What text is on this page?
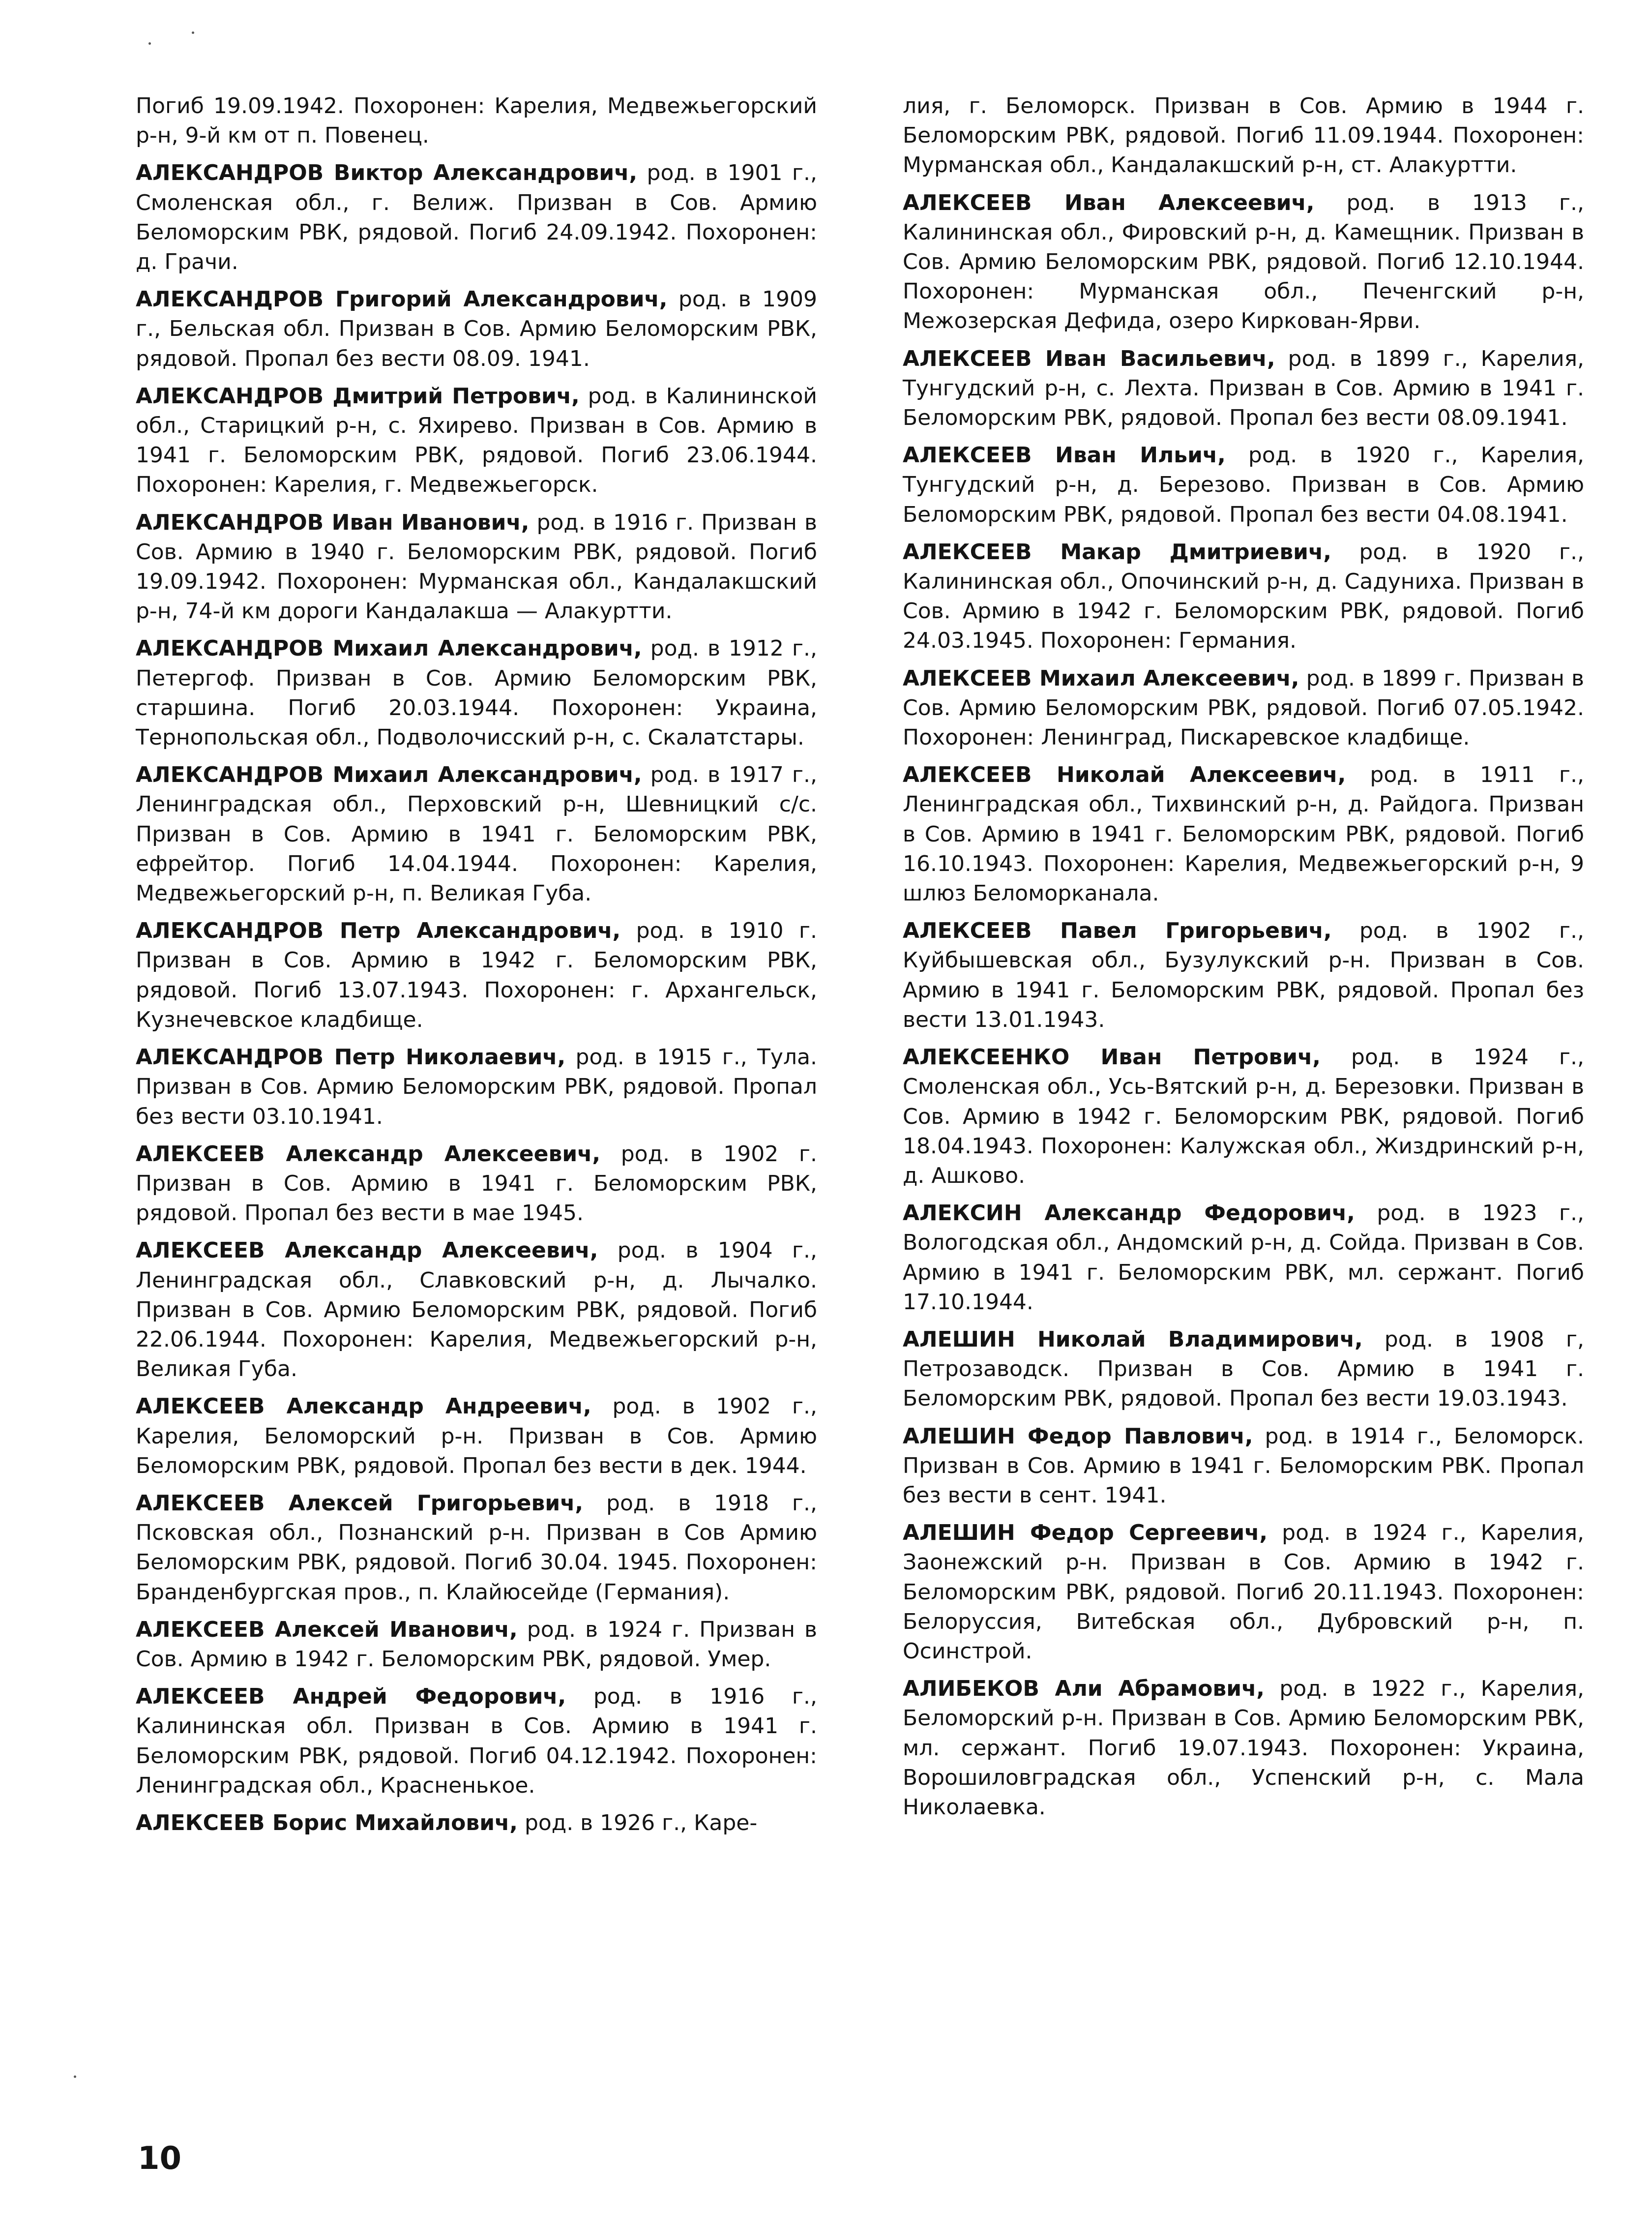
Погиб 19.09.1942. Похоронен: Карелия, Медвежьегорский р-н, 9-й км от п. Повенец.

АЛЕКСАНДРОВ Виктор Александрович, род. в 1901 г., Смоленская обл., г. Велиж. Призван в Сов. Армию Беломорским РВК, рядовой. Погиб 24.09.1942. Похоронен: д. Грачи.

АЛЕКСАНДРОВ Григорий Александрович, род. в 1909 г., Бельская обл. Призван в Сов. Армию Беломорским РВК, рядовой. Пропал без вести 08.09. 1941.

АЛЕКСАНДРОВ Дмитрий Петрович, род. в Калининской обл., Старицкий р-н, с. Яхирево. Призван в Сов. Армию в 1941 г. Беломорским РВК, рядовой. Погиб 23.06.1944. Похоронен: Карелия, г. Медвежьегорск.

АЛЕКСАНДРОВ Иван Иванович, род. в 1916 г. Призван в Сов. Армию в 1940 г. Беломорским РВК, рядовой. Погиб 19.09.1942. Похоронен: Мурманская обл., Кандалакшский р-н, 74-й км дороги Кандалакша — Алакуртти.

АЛЕКСАНДРОВ Михаил Александрович, род. в 1912 г., Петергоф. Призван в Сов. Армию Беломорским РВК, старшина. Погиб 20.03.1944. Похоронен: Украина, Тернопольская обл., Подволочисский р-н, с. Скалатстары.

АЛЕКСАНДРОВ Михаил Александрович, род. в 1917 г., Ленинградская обл., Перховский р-н, Шевницкий с/с. Призван в Сов. Армию в 1941 г. Беломорским РВК, ефрейтор. Погиб 14.04.1944. Похоронен: Карелия, Медвежьегорский р-н, п. Великая Губа.

АЛЕКСАНДРОВ Петр Александрович, род. в 1910 г. Призван в Сов. Армию в 1942 г. Беломорским РВК, рядовой. Погиб 13.07.1943. Похоронен: г. Архангельск, Кузнечевское кладбище.

АЛЕКСАНДРОВ Петр Николаевич, род. в 1915 г., Тула. Призван в Сов. Армию Беломорским РВК, рядовой. Пропал без вести 03.10.1941.

АЛЕКСЕЕВ Александр Алексеевич, род. в 1902 г. Призван в Сов. Армию в 1941 г. Беломорским РВК, рядовой. Пропал без вести в мае 1945.

АЛЕКСЕЕВ Александр Алексеевич, род. в 1904 г., Ленинградская обл., Славковский р-н, д. Лычалко. Призван в Сов. Армию Беломорским РВК, рядовой. Погиб 22.06.1944. Похоронен: Карелия, Медвежьегорский р-н, Великая Губа.

АЛЕКСЕЕВ Александр Андреевич, род. в 1902 г., Карелия, Беломорский р-н. Призван в Сов. Армию Беломорским РВК, рядовой. Пропал без вести в дек. 1944.

АЛЕКСЕЕВ Алексей Григорьевич, род. в 1918 г., Псковская обл., Познанский р-н. Призван в Сов Армию Беломорским РВК, рядовой. Погиб 30.04. 1945. Похоронен: Бранденбургская пров., п. Клайюсейде (Германия).

АЛЕКСЕЕВ Алексей Иванович, род. в 1924 г. Призван в Сов. Армию в 1942 г. Беломорским РВК, рядовой. Умер.

АЛЕКСЕЕВ Андрей Федорович, род. в 1916 г., Калининская обл. Призван в Сов. Армию в 1941 г. Беломорским РВК, рядовой. Погиб 04.12.1942. Похоронен: Ленинградская обл., Красненькое.

АЛЕКСЕЕВ Борис Михайлович, род. в 1926 г., Каре-

лия, г. Беломорск. Призван в Сов. Армию в 1944 г. Беломорским РВК, рядовой. Погиб 11.09.1944. Похоронен: Мурманская обл., Кандалакшский р-н, ст. Алакуртти.

АЛЕКСЕЕВ Иван Алексеевич, род. в 1913 г., Калининская обл., Фировский р-н, д. Камещник. Призван в Сов. Армию Беломорским РВК, рядовой. Погиб 12.10.1944. Похоронен: Мурманская обл., Печенгский р-н, Межозерская Дефида, озеро Киркован-Ярви.

АЛЕКСЕЕВ Иван Васильевич, род. в 1899 г., Карелия, Тунгудский р-н, с. Лехта. Призван в Сов. Армию в 1941 г. Беломорским РВК, рядовой. Пропал без вести 08.09.1941.

АЛЕКСЕЕВ Иван Ильич, род. в 1920 г., Карелия, Тунгудский р-н, д. Березово. Призван в Сов. Армию Беломорским РВК, рядовой. Пропал без вести 04.08.1941.

АЛЕКСЕЕВ Макар Дмитриевич, род. в 1920 г., Калининская обл., Опочинский р-н, д. Садуниха. Призван в Сов. Армию в 1942 г. Беломорским РВК, рядовой. Погиб 24.03.1945. Похоронен: Германия.

АЛЕКСЕЕВ Михаил Алексеевич, род. в 1899 г. Призван в Сов. Армию Беломорским РВК, рядовой. Погиб 07.05.1942. Похоронен: Ленинград, Пискаревское кладбище.

АЛЕКСЕЕВ Николай Алексеевич, род. в 1911 г., Ленинградская обл., Тихвинский р-н, д. Райдога. Призван в Сов. Армию в 1941 г. Беломорским РВК, рядовой. Погиб 16.10.1943. Похоронен: Карелия, Медвежьегорский р-н, 9 шлюз Беломорканала.

АЛЕКСЕЕВ Павел Григорьевич, род. в 1902 г., Куйбышевская обл., Бузулукский р-н. Призван в Сов. Армию в 1941 г. Беломорским РВК, рядовой. Пропал без вести 13.01.1943.

АЛЕКСЕЕНКО Иван Петрович, род. в 1924 г., Смоленская обл., Усь-Вятский р-н, д. Березовки. Призван в Сов. Армию в 1942 г. Беломорским РВК, рядовой. Погиб 18.04.1943. Похоронен: Калужская обл., Жиздринский р-н, д. Ашково.

АЛЕКСИН Александр Федорович, род. в 1923 г., Вологодская обл., Андомский р-н, д. Сойда. Призван в Сов. Армию в 1941 г. Беломорским РВК, мл. сержант. Погиб 17.10.1944.

АЛЕШИН Николай Владимирович, род. в 1908 г, Петрозаводск. Призван в Сов. Армию в 1941 г. Беломорским РВК, рядовой. Пропал без вести 19.03.1943.

АЛЕШИН Федор Павлович, род. в 1914 г., Беломорск. Призван в Сов. Армию в 1941 г. Беломорским РВК. Пропал без вести в сент. 1941.

АЛЕШИН Федор Сергеевич, род. в 1924 г., Карелия, Заонежский р-н. Призван в Сов. Армию в 1942 г. Беломорским РВК, рядовой. Погиб 20.11.1943. Похоронен: Белоруссия, Витебская обл., Дубровский р-н, п. Осинстрой.

АЛИБЕКОВ Али Абрамович, род. в 1922 г., Карелия, Беломорский р-н. Призван в Сов. Армию Беломорским РВК, мл. сержант. Погиб 19.07.1943. Похоронен: Украина, Ворошиловградская обл., Успенский р-н, с. Мала Николаевка.

10
